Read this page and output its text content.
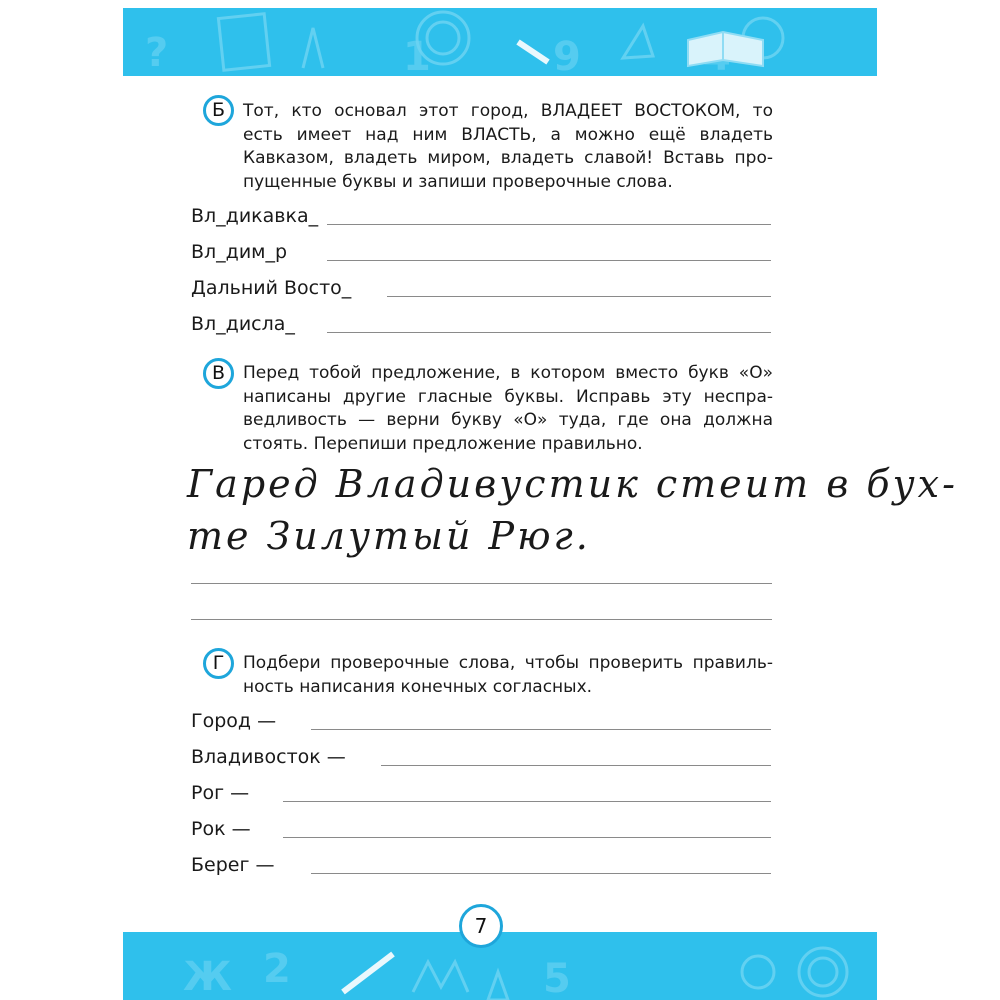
?	1	9
Б	Тот, кто основал этот город, ВЛАДЕЕТ ВОСТОКОМ, то
есть имеет над ним ВЛАСТЬ, а можно ещё владеть
Кавказом, владеть миром, владеть славой! Вставь про-
пущенные буквы и запиши проверочные слова.
Вл_дикавка_
Вл_дим_р
Дальний Восто_
Вл_дисла_
В	Перед тобой предложение, в котором вместо букв «О»
написаны другие гласные буквы. Исправь эту неспра-
ведливость — верни букву «О» туда, где она должна
стоять. Перепиши предложение правильно.
Гаред Владивустик стеит в бух-
те Зилутый Рюг.
Г	Подбери проверочные слова, чтобы проверить правиль-
ность написания конечных согласных.
Город —
Владивосток —
Рог —
Рок —
Берег —
7
Ж 2	5
